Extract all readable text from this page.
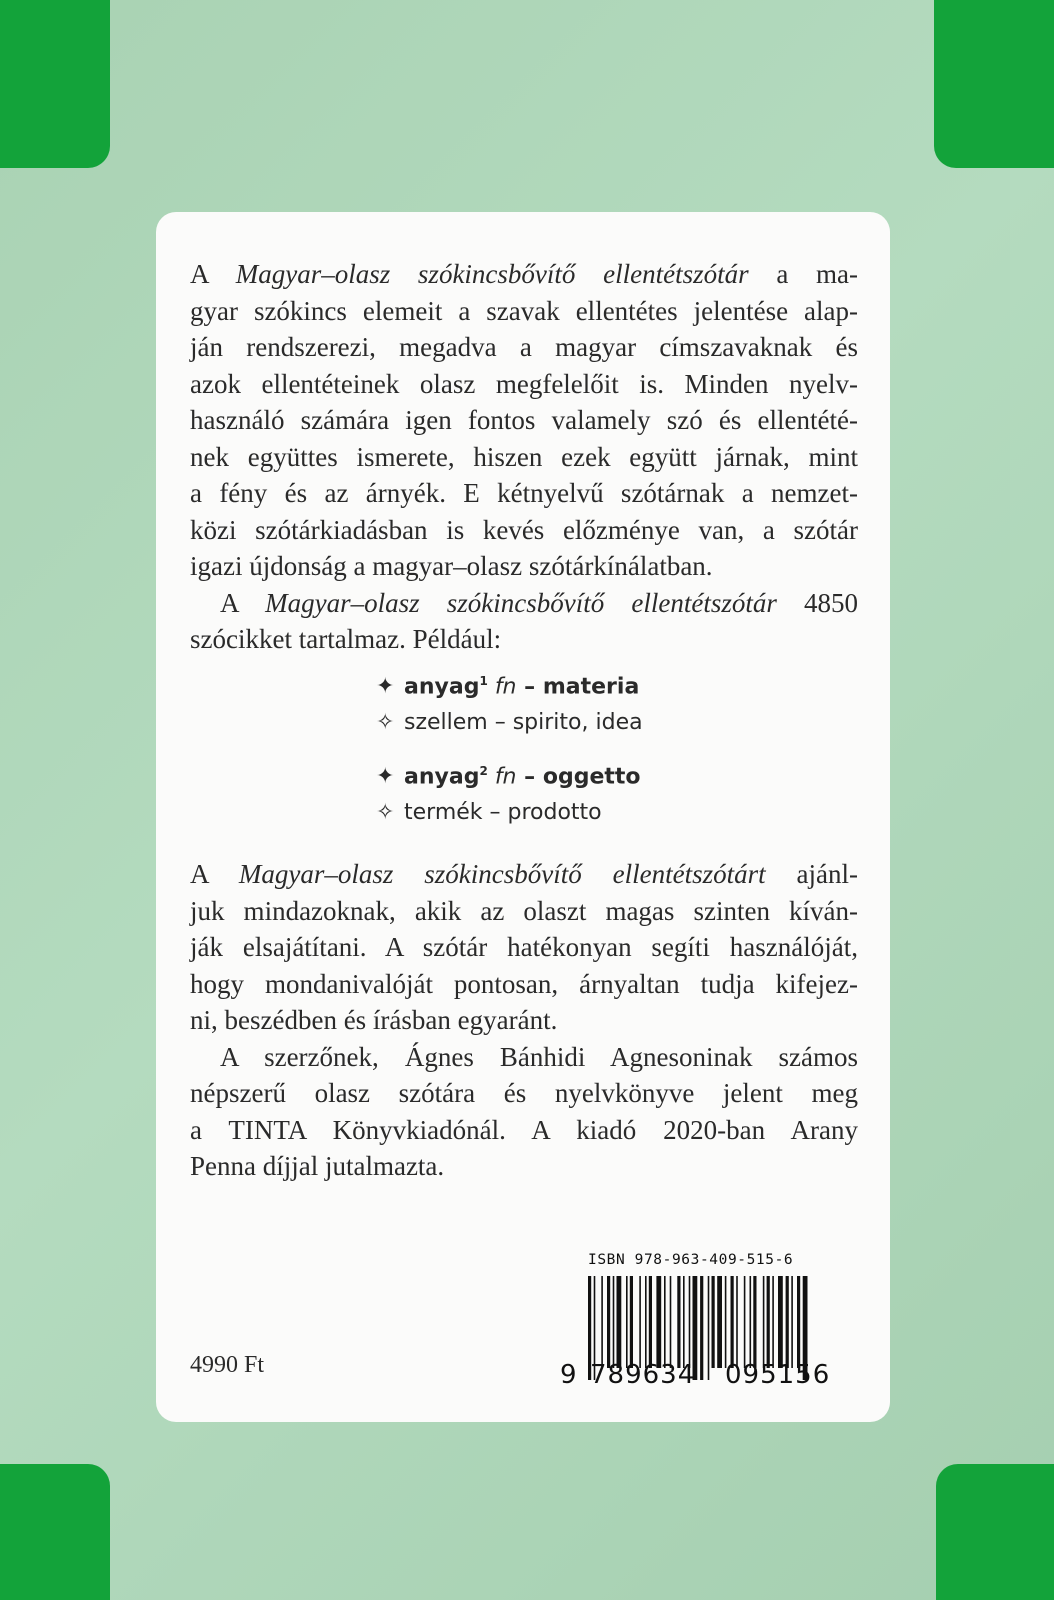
A Magyar–olasz szókincsbővítő ellentétszótár a ma-
gyar szókincs elemeit a szavak ellentétes jelentése alap-
ján rendszerezi, megadva a magyar címszavaknak és
azok ellentéteinek olasz megfelelőit is. Minden nyelv-
használó számára igen fontos valamely szó és ellentété-
nek együttes ismerete, hiszen ezek együtt járnak, mint
a fény és az árnyék. E kétnyelvű szótárnak a nemzet-
közi szótárkiadásban is kevés előzménye van, a szótár
igazi újdonság a magyar–olasz szótárkínálatban.
A Magyar–olasz szókincsbővítő ellentétszótár 4850
szócikket tartalmaz. Például:
✦ anyag$^1$ fn – materia
✧ szellem – spirito, idea
✦ anyag$^2$ fn – oggetto
✧ termék – prodotto
A Magyar–olasz szókincsbővítő ellentétszótárt ajánl-
juk mindazoknak, akik az olaszt magas szinten kíván-
ják elsajátítani. A szótár hatékonyan segíti használóját,
hogy mondanivalóját pontosan, árnyaltan tudja kifejez-
ni, beszédben és írásban egyaránt.
A szerzőnek, Ágnes Bánhidi Agnesoninak számos
népszerű olasz szótára és nyelvkönyve jelent meg
a TINTA Könyvkiadónál. A kiadó 2020-ban Arany
Penna díjjal jutalmazta.
4990 Ft
ISBN 978-963-409-515-6
9 789634 095156
